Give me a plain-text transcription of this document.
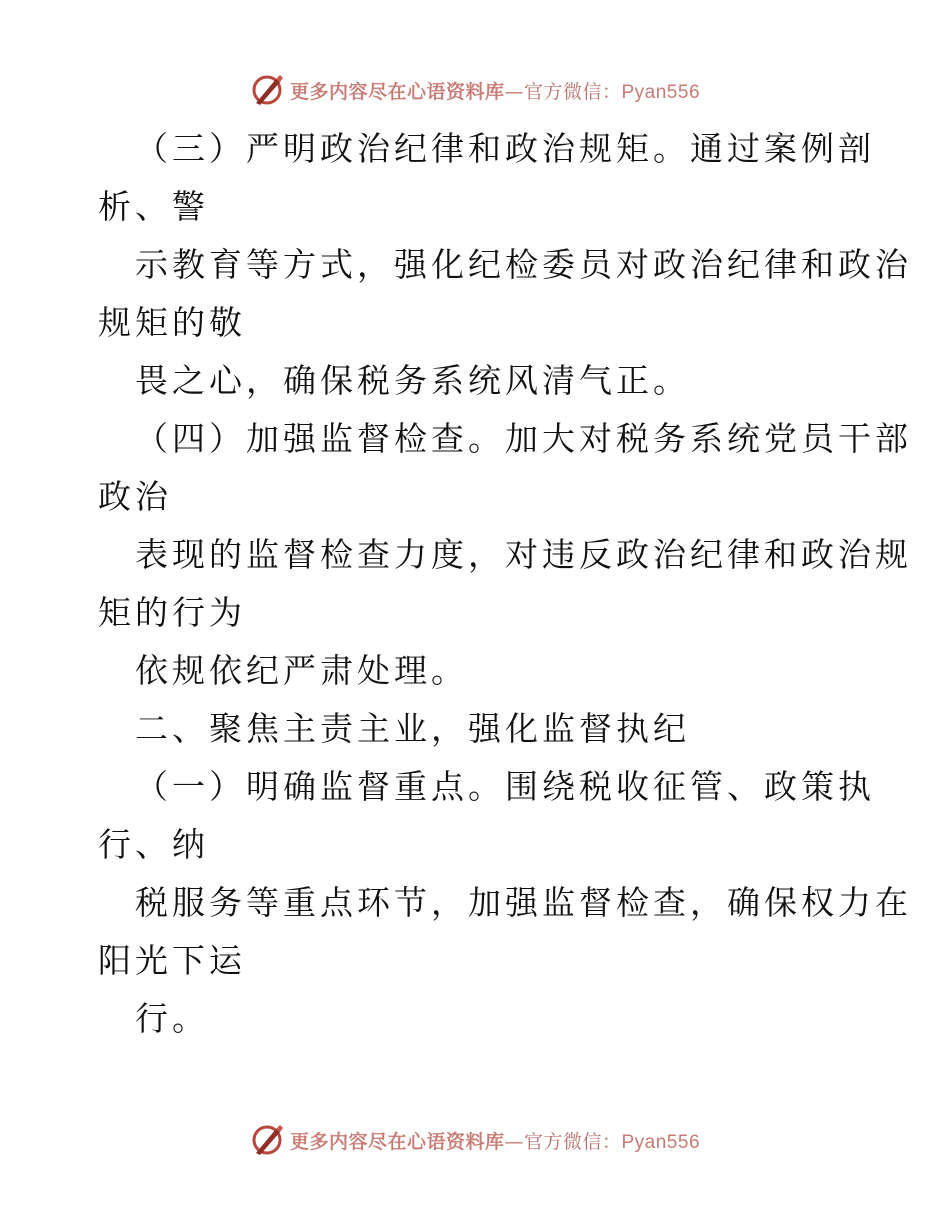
更多内容尽在心语资料库—官方微信：Pyan556
（三）严明政治纪律和政治规矩。通过案例剖
析、警
示教育等方式，强化纪检委员对政治纪律和政治
规矩的敬
畏之心，确保税务系统风清气正。
（四）加强监督检查。加大对税务系统党员干部
政治
表现的监督检查力度，对违反政治纪律和政治规
矩的行为
依规依纪严肃处理。
二、聚焦主责主业，强化监督执纪
（一）明确监督重点。围绕税收征管、政策执
行、纳
税服务等重点环节，加强监督检查，确保权力在
阳光下运
行。
更多内容尽在心语资料库—官方微信：Pyan556
